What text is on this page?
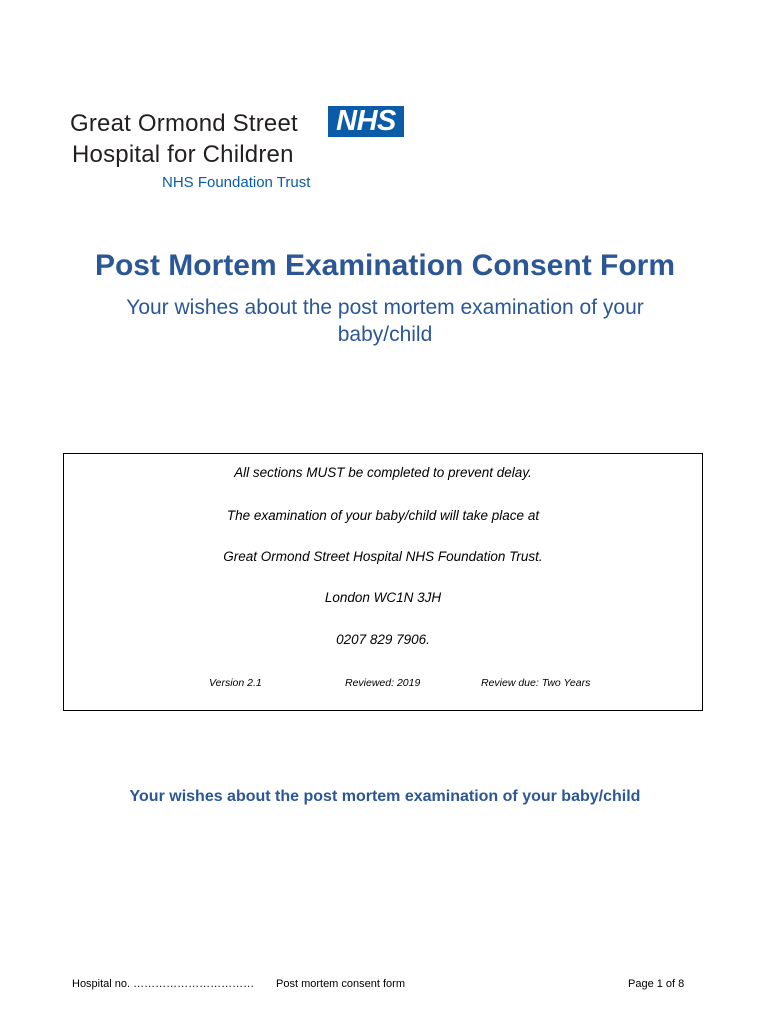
Great Ormond Street NHS
Hospital for Children
NHS Foundation Trust
Post Mortem Examination Consent Form

Your wishes about the post mortem examination of your baby/child

All sections MUST be completed to prevent delay.
The examination of your baby/child will take place at
Great Ormond Street Hospital NHS Foundation Trust.
London WC1N 3JH
0207 829 7906.
Version 2.1	Reviewed: 2019	Review due: Two Years
Your wishes about the post mortem examination of your baby/child
Hospital no. …………………………… Post mortem consent form	Page 1 of 8
